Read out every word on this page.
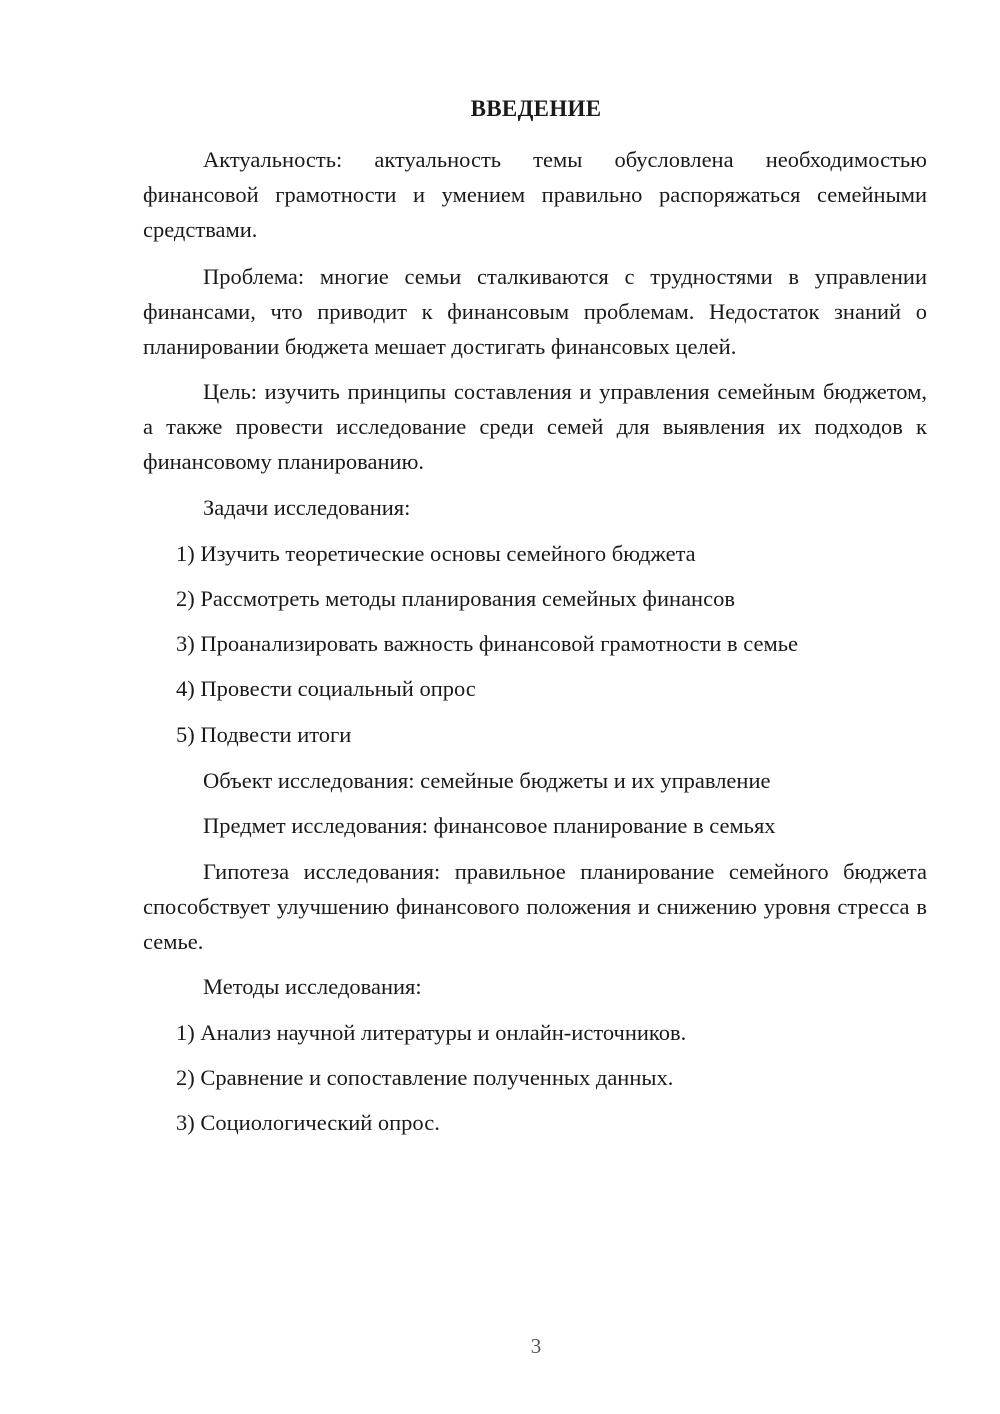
ВВЕДЕНИЕ
Актуальность: актуальность темы обусловлена необходимостью финансовой грамотности и умением правильно распоряжаться семейными средствами.
Проблема: многие семьи сталкиваются с трудностями в управлении финансами, что приводит к финансовым проблемам. Недостаток знаний о планировании бюджета мешает достигать финансовых целей.
Цель: изучить принципы составления и управления семейным бюджетом, а также провести исследование среди семей для выявления их подходов к финансовому планированию.
Задачи исследования:
1) Изучить теоретические основы семейного бюджета
2) Рассмотреть методы планирования семейных финансов
3) Проанализировать важность финансовой грамотности в семье
4) Провести социальный опрос
5) Подвести итоги
Объект исследования: семейные бюджеты и их управление
Предмет исследования: финансовое планирование в семьях
Гипотеза исследования: правильное планирование семейного бюджета способствует улучшению финансового положения и снижению уровня стресса в семье.
Методы исследования:
1) Анализ научной литературы и онлайн-источников.
2) Сравнение и сопоставление полученных данных.
3) Социологический опрос.
3
